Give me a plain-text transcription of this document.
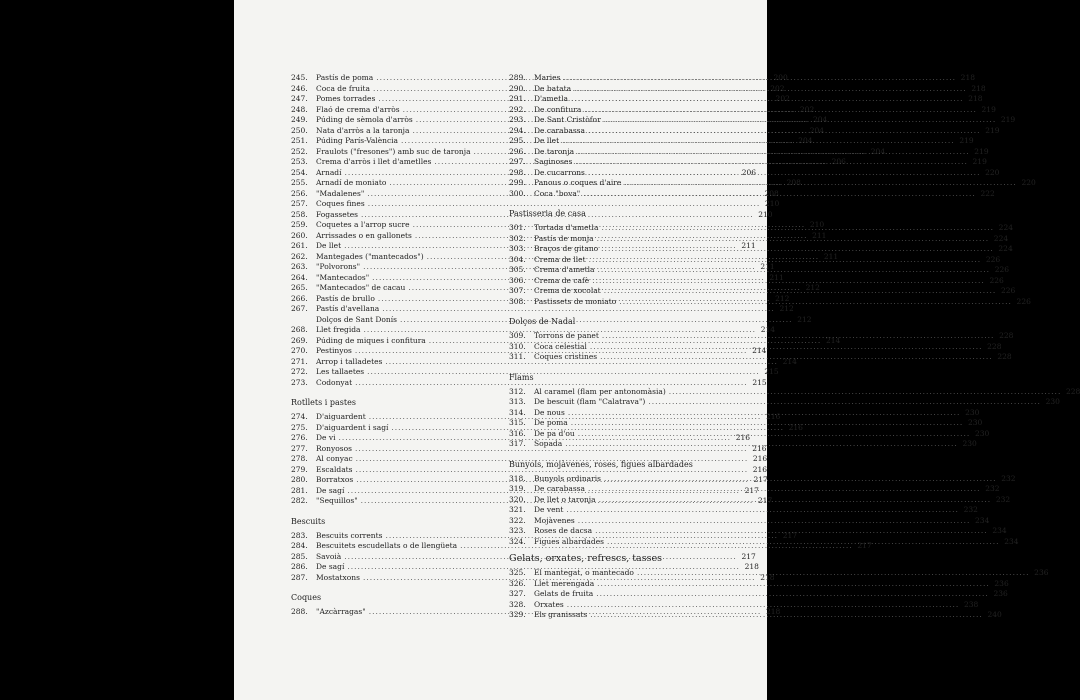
245.	Pastís de poma .....	200
246.	Coca de fruita .....	202
247.	Pomes torrades .....	202
248.	Flaó de crema d'arròs .....	202
249.	Púding de sèmola d'arròs .....	204
250.	Nata d'arròs a la taronja .....	204
251.	Púding París-València .....	204
252.	Fraulots ("fresones") amb suc de taronja .....	204
253.	Crema d'arròs i llet d'ametlles .....	206
254.	Arnadí .....	206
255.	Arnadí de moniato .....	208
256.	"Madalenes" .....	208
257.	Coques fines .....	210
258.	Fogassetes .....	210
259.	Coquetes a l'arrop sucre .....	210
260.	Arrissades o en gallonets .....	211
261.	De llet .....	211
262.	Mantegades ("mantecados") .....	211
263.	"Polvorons" .....	211
264.	"Mantecados" .....	211
265.	"Mantecados" de cacau .....	212
266.	Pastís de brullo .....	212
267.	Pastís d'avellana .....	212
Dolços de Sant Donís .....	212
268.	Llet fregida .....	214
269.	Púding de miques i confitura .....	214
270.	Pestinyos .....	214
271.	Arrop i talladetes .....	214
272.	Les tallaetes .....	215
273.	Codonyat .....	215
Rotllets i pastes
274.	D'aiguardent .....	216
275.	D'aiguardent i sagí .....	216
276.	De vi .....	216
277.	Ronyosos .....	216
278.	Al conyac .....	216
279.	Escaldats .....	216
280.	Borratxos .....	217
281.	De sagí .....	217
282.	"Sequillos" .....	217
Bescuits
283.	Bescuits corrents .....	217
284.	Bescuitets escudellats o de llengüeta .....	217
285.	Savoià .....	217
286.	De sagí .....	218
287.	Mostatxons .....	218
Coques
288.	"Azcàrragas" .....	218
289.	Maries .....	218
290.	De batata .....	218
291.	D'ametla .....	218
292.	De confitura .....	219
293.	De Sant Cristòfor .....	219
294.	De carabassa .....	219
295.	De llet .....	219
296.	De taronja .....	219
297.	Saginoses .....	219
298.	De cucarrons .....	220
299.	Panous o coques d'aire .....	220
300.	Coca "bova" .....	222
Pastisseria de casa
301.	Tortada d'ametla .....	224
302.	Pastís de monja .....	224
303.	Braços de gitano .....	224
304.	Crema de llet .....	226
305.	Crema d'ametla .....	226
306.	Crema de cafè .....	226
307.	Crema de xocolat .....	226
308.	Pastissets de moniato .....	226
Dolços de Nadal
309.	Torrons de panet .....	228
310.	Coca celestial .....	228
311.	Coques cristines .....	228
Flams
312.	Al caramel (flam per antonomàsia) .....	228
313.	De bescuit (flam "Calatrava") .....	230
314.	De nous .....	230
315.	De poma .....	230
316.	De pa d'ou .....	230
317.	Sopada .....	230
Bunyols, mojàvenes, roses, figues albardades
318.	Bunyols ordinaris .....	232
319.	De carabassa .....	232
320.	De llet o taronja .....	232
321.	De vent .....	232
322.	Mojàvenes .....	234
323.	Roses de dacsa .....	234
324.	Figues albardades .....	234
Gelats, orxates, refrescs, tasses
325.	El mantegat, o mantecado .....	236
326.	Llet merengada .....	236
327.	Gelats de fruita .....	236
328.	Orxates .....	238
329.	Els granissats .....	240
